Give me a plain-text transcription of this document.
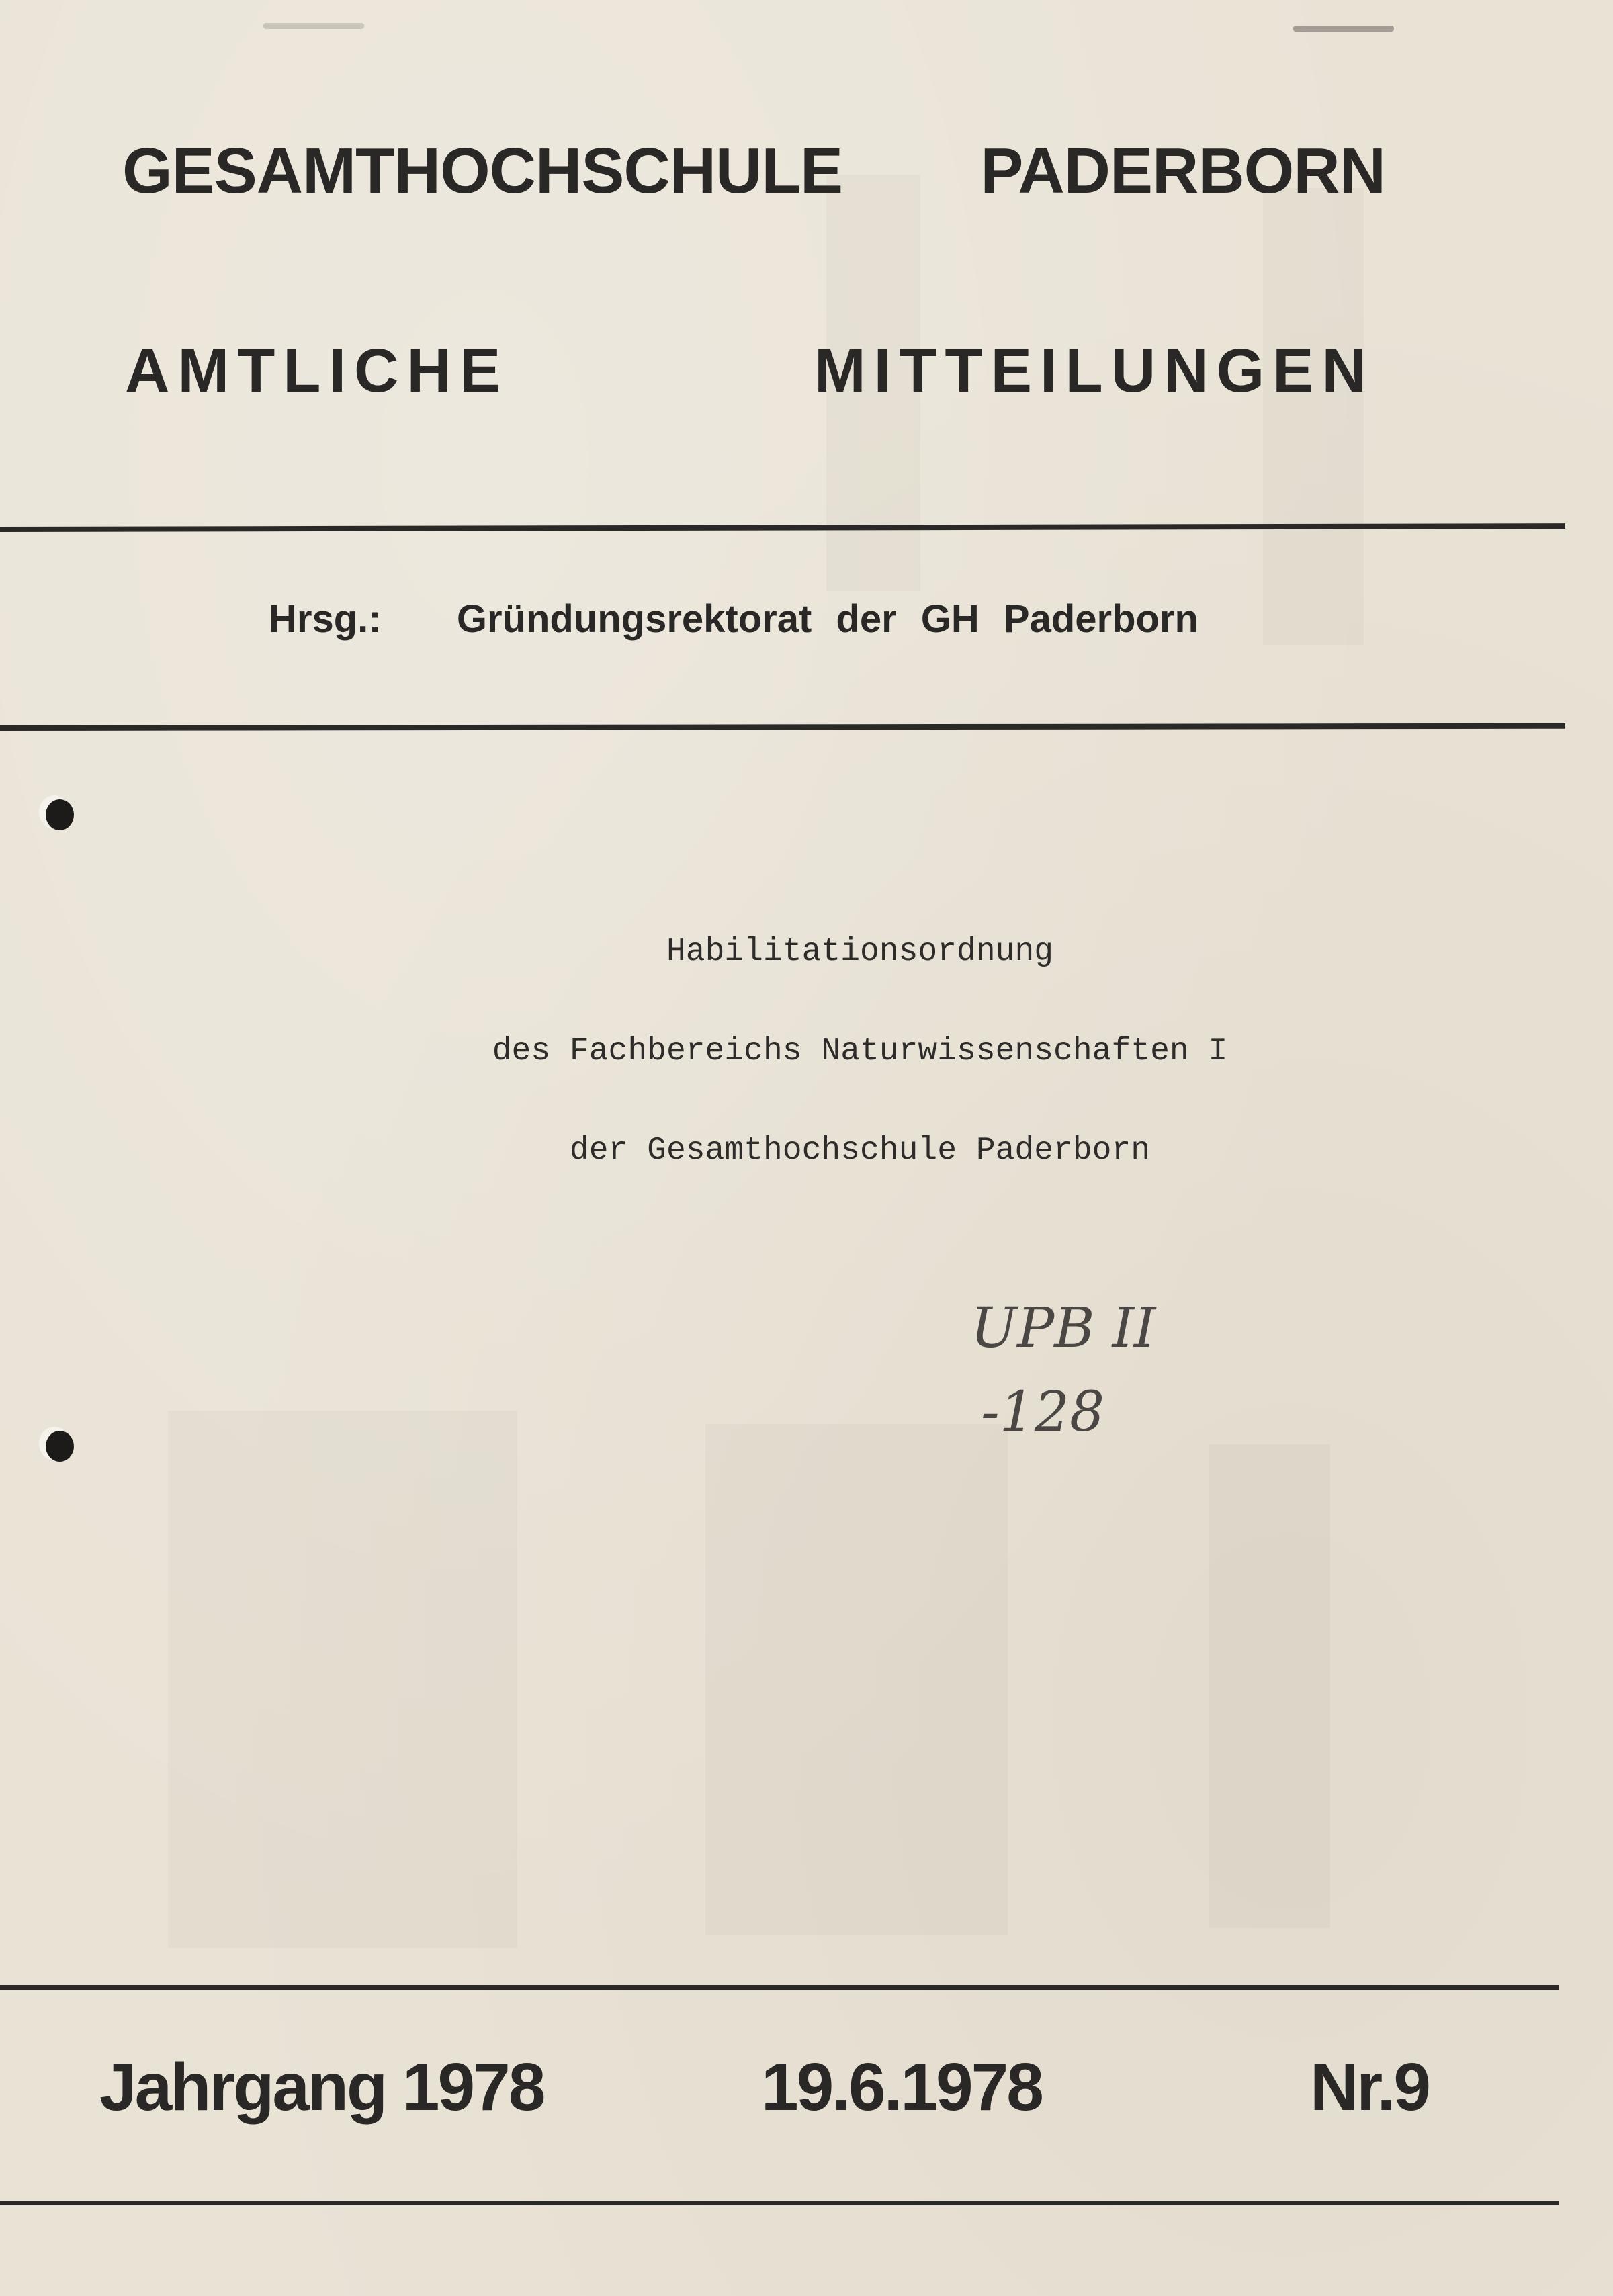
GESAMTHOCHSCHULE PADERBORN
AMTLICHE	MITTEILUNGEN
Hrsg.: Gründungsrektorat der GH Paderborn
Habilitationsordnung
des Fachbereichs Naturwissenschaften I
der Gesamthochschule Paderborn
UPB II
-128
Jahrgang 1978	19.6.1978	Nr.9
